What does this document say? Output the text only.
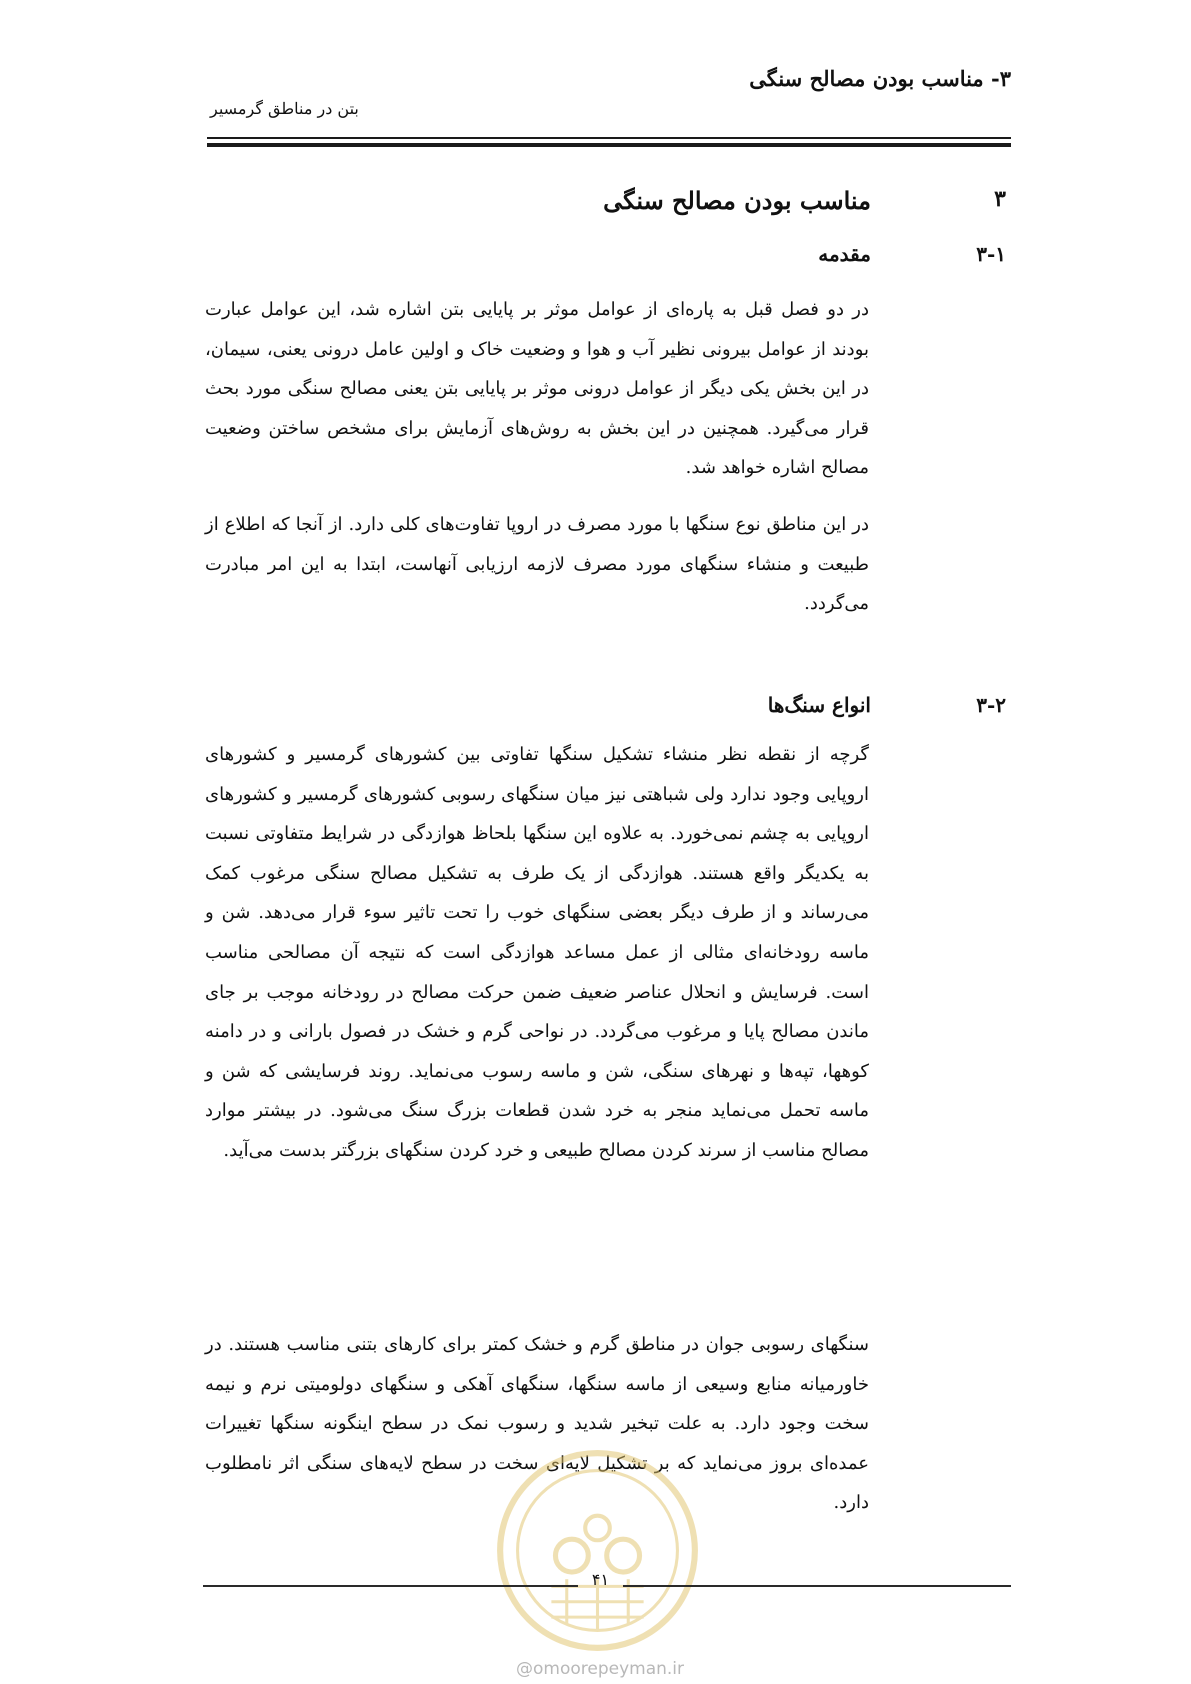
۳- مناسب بودن مصالح سنگی
بتن در مناطق گرمسیر
۳
مناسب بودن مصالح سنگی
۳-۱
مقدمه

در دو فصل قبل به پاره‌ای از عوامل موثر بر پایایی بتن اشاره شد، این عوامل عبارت بودند از عوامل بیرونی نظیر آب و هوا و وضعیت خاک و اولین عامل درونی یعنی، سیمان، در این بخش یکی دیگر از عوامل درونی موثر بر پایایی بتن یعنی مصالح سنگی مورد بحث قرار می‌گیرد. همچنین در این بخش به روش‌های آزمایش برای مشخص ساختن وضعیت مصالح اشاره خواهد شد.

در این مناطق نوع سنگها با مورد مصرف در اروپا تفاوت‌های کلی دارد. از آنجا که اطلاع از طبیعت و منشاء سنگهای مورد مصرف لازمه ارزیابی آنهاست، ابتدا به این امر مبادرت می‌گردد.

۳-۲
انواع سنگ‌ها

گرچه از نقطه نظر منشاء تشکیل سنگها تفاوتی بین کشورهای گرمسیر و کشورهای اروپایی وجود ندارد ولی شباهتی نیز میان سنگهای رسوبی کشورهای گرمسیر و کشورهای اروپایی به چشم نمی‌خورد. به علاوه این سنگها بلحاظ هوازدگی در شرایط متفاوتی نسبت به یکدیگر واقع هستند. هوازدگی از یک طرف به تشکیل مصالح سنگی مرغوب کمک می‌رساند و از طرف دیگر بعضی سنگهای خوب را تحت تاثیر سوء قرار می‌دهد. شن و ماسه رودخانه‌ای مثالی از عمل مساعد هوازدگی است که نتیجه آن مصالحی مناسب است. فرسایش و انحلال عناصر ضعیف ضمن حرکت مصالح در رودخانه موجب بر جای ماندن مصالح پایا و مرغوب می‌گردد. در نواحی گرم و خشک در فصول بارانی و در دامنه کوهها، تپه‌ها و نهرهای سنگی، شن و ماسه رسوب می‌نماید. روند فرسایشی که شن و ماسه تحمل می‌نماید منجر به خرد شدن قطعات بزرگ سنگ می‌شود. در بیشتر موارد مصالح مناسب از سرند کردن مصالح طبیعی و خرد کردن سنگهای بزرگتر بدست می‌آید.

سنگهای رسوبی جوان در مناطق گرم و خشک کمتر برای کارهای بتنی مناسب هستند. در خاورمیانه منابع وسیعی از ماسه سنگها، سنگهای آهکی و سنگهای دولومیتی نرم و نیمه سخت وجود دارد. به علت تبخیر شدید و رسوب نمک در سطح اینگونه سنگها تغییرات عمده‌ای بروز می‌نماید که بر تشکیل لایه‌ای سخت در سطح لایه‌های سنگی اثر نامطلوب دارد.

۴۱
@omoorepeyman.ir
